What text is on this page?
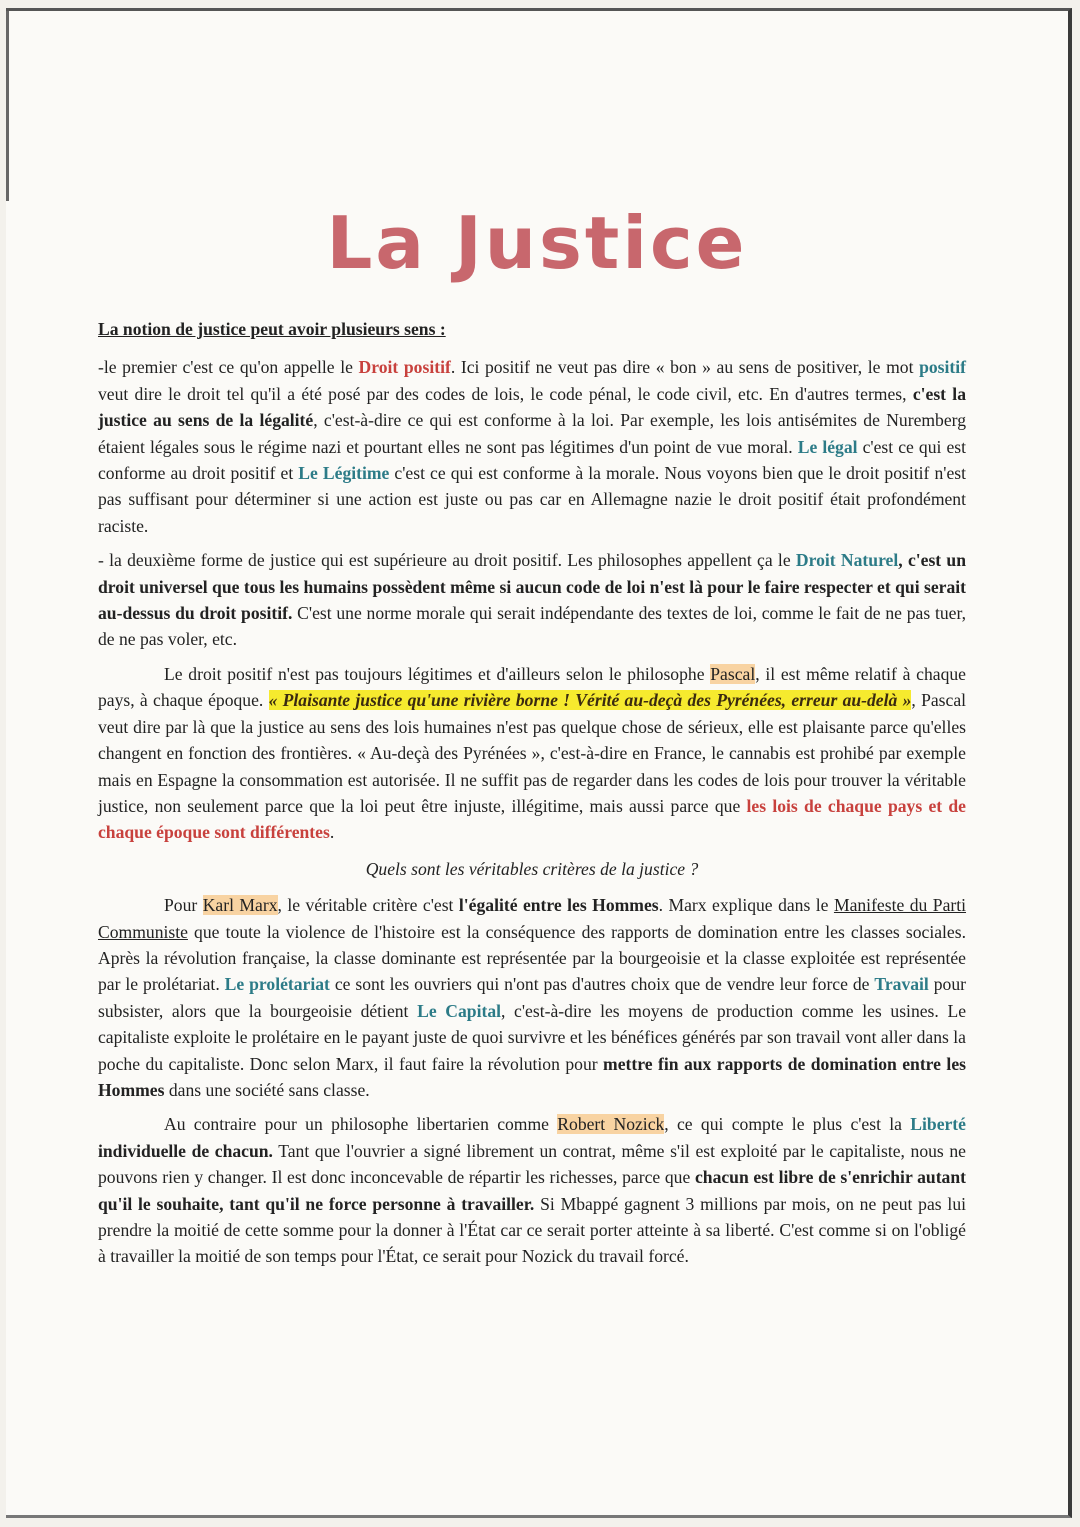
La Justice

La notion de justice peut avoir plusieurs sens :

-le premier c'est ce qu'on appelle le Droit positif. Ici positif ne veut pas dire « bon » au sens de positiver, le mot positif veut dire le droit tel qu'il a été posé par des codes de lois, le code pénal, le code civil, etc. En d'autres termes, c'est la justice au sens de la légalité, c'est-à-dire ce qui est conforme à la loi. Par exemple, les lois antisémites de Nuremberg étaient légales sous le régime nazi et pourtant elles ne sont pas légitimes d'un point de vue moral. Le légal c'est ce qui est conforme au droit positif et Le Légitime c'est ce qui est conforme à la morale. Nous voyons bien que le droit positif n'est pas suffisant pour déterminer si une action est juste ou pas car en Allemagne nazie le droit positif était profondément raciste.

- la deuxième forme de justice qui est supérieure au droit positif. Les philosophes appellent ça le Droit Naturel, c'est un droit universel que tous les humains possèdent même si aucun code de loi n'est là pour le faire respecter et qui serait au-dessus du droit positif. C'est une norme morale qui serait indépendante des textes de loi, comme le fait de ne pas tuer, de ne pas voler, etc.

Le droit positif n'est pas toujours légitimes et d'ailleurs selon le philosophe Pascal, il est même relatif à chaque pays, à chaque époque. « Plaisante justice qu'une rivière borne ! Vérité au-deçà des Pyrénées, erreur au-delà », Pascal veut dire par là que la justice au sens des lois humaines n'est pas quelque chose de sérieux, elle est plaisante parce qu'elles changent en fonction des frontières. « Au-deçà des Pyrénées », c'est-à-dire en France, le cannabis est prohibé par exemple mais en Espagne la consommation est autorisée. Il ne suffit pas de regarder dans les codes de lois pour trouver la véritable justice, non seulement parce que la loi peut être injuste, illégitime, mais aussi parce que les lois de chaque pays et de chaque époque sont différentes.

Quels sont les véritables critères de la justice ?

Pour Karl Marx, le véritable critère c'est l'égalité entre les Hommes. Marx explique dans le Manifeste du Parti Communiste que toute la violence de l'histoire est la conséquence des rapports de domination entre les classes sociales. Après la révolution française, la classe dominante est représentée par la bourgeoisie et la classe exploitée est représentée par le prolétariat. Le prolétariat ce sont les ouvriers qui n'ont pas d'autres choix que de vendre leur force de Travail pour subsister, alors que la bourgeoisie détient Le Capital, c'est-à-dire les moyens de production comme les usines. Le capitaliste exploite le prolétaire en le payant juste de quoi survivre et les bénéfices générés par son travail vont aller dans la poche du capitaliste. Donc selon Marx, il faut faire la révolution pour mettre fin aux rapports de domination entre les Hommes dans une société sans classe.

Au contraire pour un philosophe libertarien comme Robert Nozick, ce qui compte le plus c'est la Liberté individuelle de chacun. Tant que l'ouvrier a signé librement un contrat, même s'il est exploité par le capitaliste, nous ne pouvons rien y changer. Il est donc inconcevable de répartir les richesses, parce que chacun est libre de s'enrichir autant qu'il le souhaite, tant qu'il ne force personne à travailler. Si Mbappé gagnent 3 millions par mois, on ne peut pas lui prendre la moitié de cette somme pour la donner à l'État car ce serait porter atteinte à sa liberté. C'est comme si on l'obligé à travailler la moitié de son temps pour l'État, ce serait pour Nozick du travail forcé.
